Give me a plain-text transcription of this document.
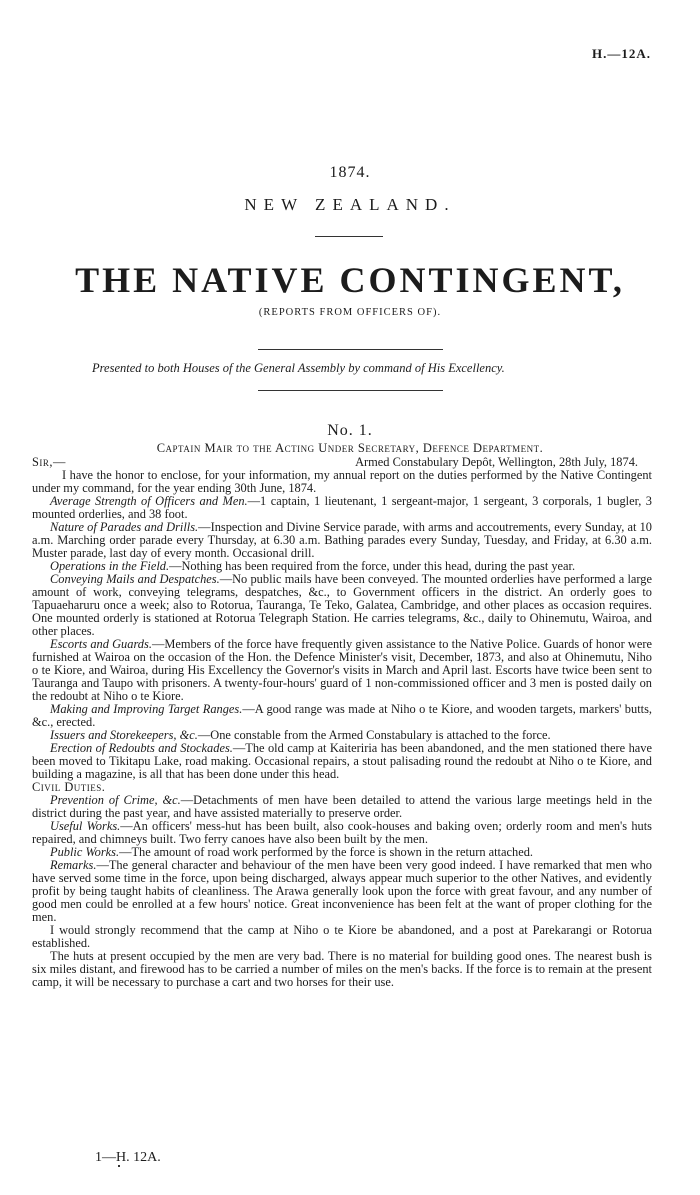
H.—12A.
1874.
NEW ZEALAND.
THE NATIVE CONTINGENT,
(REPORTS FROM OFFICERS OF).
Presented to both Houses of the General Assembly by command of His Excellency.
No. 1.
Captain Mair to the Acting Under Secretary, Defence Department.
Sir,—	Armed Constabulary Depôt, Wellington, 28th July, 1874.

I have the honor to enclose, for your information, my annual report on the duties performed by the Native Contingent under my command, for the year ending 30th June, 1874.

Average Strength of Officers and Men.—1 captain, 1 lieutenant, 1 sergeant-major, 1 sergeant, 3 corporals, 1 bugler, 3 mounted orderlies, and 38 foot.

Nature of Parades and Drills.—Inspection and Divine Service parade, with arms and accoutrements, every Sunday, at 10 a.m. Marching order parade every Thursday, at 6.30 a.m. Bathing parades every Sunday, Tuesday, and Friday, at 6.30 a.m. Muster parade, last day of every month. Occasional drill.

Operations in the Field.—Nothing has been required from the force, under this head, during the past year.

Conveying Mails and Despatches.—No public mails have been conveyed. The mounted orderlies have performed a large amount of work, conveying telegrams, despatches, &c., to Government officers in the district. An orderly goes to Tapuaeharuru once a week; also to Rotorua, Tauranga, Te Teko, Galatea, Cambridge, and other places as occasion requires. One mounted orderly is stationed at Rotorua Telegraph Station. He carries telegrams, &c., daily to Ohinemutu, Wairoa, and other places.

Escorts and Guards.—Members of the force have frequently given assistance to the Native Police. Guards of honor were furnished at Wairoa on the occasion of the Hon. the Defence Minister's visit, December, 1873, and also at Ohinemutu, Niho o te Kiore, and Wairoa, during His Excellency the Governor's visits in March and April last. Escorts have twice been sent to Tauranga and Taupo with prisoners. A twenty-four-hours' guard of 1 non-commissioned officer and 3 men is posted daily on the redoubt at Niho o te Kiore.

Making and Improving Target Ranges.—A good range was made at Niho o te Kiore, and wooden targets, markers' butts, &c., erected.

Issuers and Storekeepers, &c.—One constable from the Armed Constabulary is attached to the force.

Erection of Redoubts and Stockades.—The old camp at Kaiteriria has been abandoned, and the men stationed there have been moved to Tikitapu Lake, road making. Occasional repairs, a stout palisading round the redoubt at Niho o te Kiore, and building a magazine, is all that has been done under this head.

Civil Duties.

Prevention of Crime, &c.—Detachments of men have been detailed to attend the various large meetings held in the district during the past year, and have assisted materially to preserve order.

Useful Works.—An officers' mess-hut has been built, also cook-houses and baking oven; orderly room and men's huts repaired, and chimneys built. Two ferry canoes have also been built by the men.

Public Works.—The amount of road work performed by the force is shown in the return attached.

Remarks.—The general character and behaviour of the men have been very good indeed. I have remarked that men who have served some time in the force, upon being discharged, always appear much superior to the other Natives, and evidently profit by being taught habits of cleanliness. The Arawa generally look upon the force with great favour, and any number of good men could be enrolled at a few hours' notice. Great inconvenience has been felt at the want of proper clothing for the men.

I would strongly recommend that the camp at Niho o te Kiore be abandoned, and a post at Parekarangi or Rotorua established.

The huts at present occupied by the men are very bad. There is no material for building good ones. The nearest bush is six miles distant, and firewood has to be carried a number of miles on the men's backs. If the force is to remain at the present camp, it will be necessary to purchase a cart and two horses for their use.

1—H. 12A.
